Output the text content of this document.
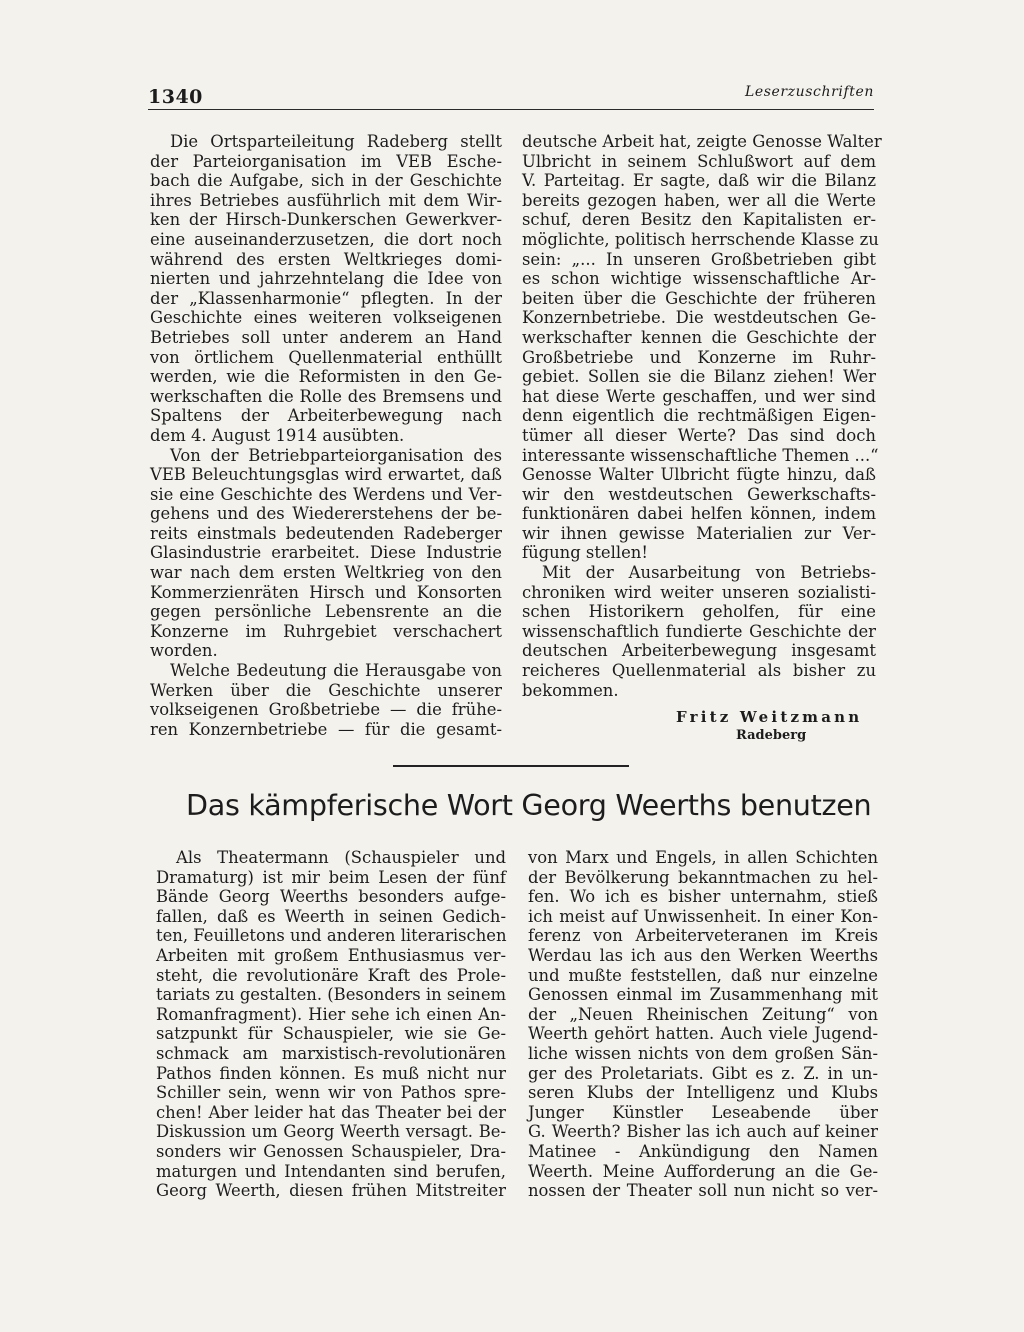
1340	Leserzuschriften
Die Ortsparteileitung Radeberg stellt
der Parteiorganisation im VEB Esche-
bach die Aufgabe, sich in der Geschichte
ihres Betriebes ausführlich mit dem Wir-
ken der Hirsch-Dunkerschen Gewerkver-
eine auseinanderzusetzen, die dort noch
während des ersten Weltkrieges domi-
nierten und jahrzehntelang die Idee von
der „Klassenharmonie“ pflegten. In der
Geschichte eines weiteren volkseigenen
Betriebes soll unter anderem an Hand
von örtlichem Quellenmaterial enthüllt
werden, wie die Reformisten in den Ge-
werkschaften die Rolle des Bremsens und
Spaltens der Arbeiterbewegung nach
dem 4. August 1914 ausübten.
Von der Betriebparteiorganisation des
VEB Beleuchtungsglas wird erwartet, daß
sie eine Geschichte des Werdens und Ver-
gehens und des Wiedererstehens der be-
reits einstmals bedeutenden Radeberger
Glasindustrie erarbeitet. Diese Industrie
war nach dem ersten Weltkrieg von den
Kommerzienräten Hirsch und Konsorten
gegen persönliche Lebensrente an die
Konzerne im Ruhrgebiet verschachert
worden.
Welche Bedeutung die Herausgabe von
Werken über die Geschichte unserer
volkseigenen Großbetriebe — die frühe-
ren Konzernbetriebe — für die gesamt-
deutsche Arbeit hat, zeigte Genosse Walter
Ulbricht in seinem Schlußwort auf dem
V. Parteitag. Er sagte, daß wir die Bilanz
bereits gezogen haben, wer all die Werte
schuf, deren Besitz den Kapitalisten er-
möglichte, politisch herrschende Klasse zu
sein: „... In unseren Großbetrieben gibt
es schon wichtige wissenschaftliche Ar-
beiten über die Geschichte der früheren
Konzernbetriebe. Die westdeutschen Ge-
werkschafter kennen die Geschichte der
Großbetriebe und Konzerne im Ruhr-
gebiet. Sollen sie die Bilanz ziehen! Wer
hat diese Werte geschaffen, und wer sind
denn eigentlich die rechtmäßigen Eigen-
tümer all dieser Werte? Das sind doch
interessante wissenschaftliche Themen ...“
Genosse Walter Ulbricht fügte hinzu, daß
wir den westdeutschen Gewerkschafts-
funktionären dabei helfen können, indem
wir ihnen gewisse Materialien zur Ver-
fügung stellen!
Mit der Ausarbeitung von Betriebs-
chroniken wird weiter unseren sozialisti-
schen Historikern geholfen, für eine
wissenschaftlich fundierte Geschichte der
deutschen Arbeiterbewegung insgesamt
reicheres Quellenmaterial als bisher zu
bekommen.
Fritz Weitzmann
Radeberg
Das kämpferische Wort Georg Weerths benutzen
Als Theatermann (Schauspieler und
Dramaturg) ist mir beim Lesen der fünf
Bände Georg Weerths besonders aufge-
fallen, daß es Weerth in seinen Gedich-
ten, Feuilletons und anderen literarischen
Arbeiten mit großem Enthusiasmus ver-
steht, die revolutionäre Kraft des Prole-
tariats zu gestalten. (Besonders in seinem
Romanfragment). Hier sehe ich einen An-
satzpunkt für Schauspieler, wie sie Ge-
schmack am marxistisch-revolutionären
Pathos finden können. Es muß nicht nur
Schiller sein, wenn wir von Pathos spre-
chen! Aber leider hat das Theater bei der
Diskussion um Georg Weerth versagt. Be-
sonders wir Genossen Schauspieler, Dra-
maturgen und Intendanten sind berufen,
Georg Weerth, diesen frühen Mitstreiter
von Marx und Engels, in allen Schichten
der Bevölkerung bekanntmachen zu hel-
fen. Wo ich es bisher unternahm, stieß
ich meist auf Unwissenheit. In einer Kon-
ferenz von Arbeiterveteranen im Kreis
Werdau las ich aus den Werken Weerths
und mußte feststellen, daß nur einzelne
Genossen einmal im Zusammenhang mit
der „Neuen Rheinischen Zeitung“ von
Weerth gehört hatten. Auch viele Jugend-
liche wissen nichts von dem großen Sän-
ger des Proletariats. Gibt es z. Z. in un-
seren Klubs der Intelligenz und Klubs
Junger Künstler Leseabende über
G. Weerth? Bisher las ich auch auf keiner
Matinee - Ankündigung den Namen
Weerth. Meine Aufforderung an die Ge-
nossen der Theater soll nun nicht so ver-
